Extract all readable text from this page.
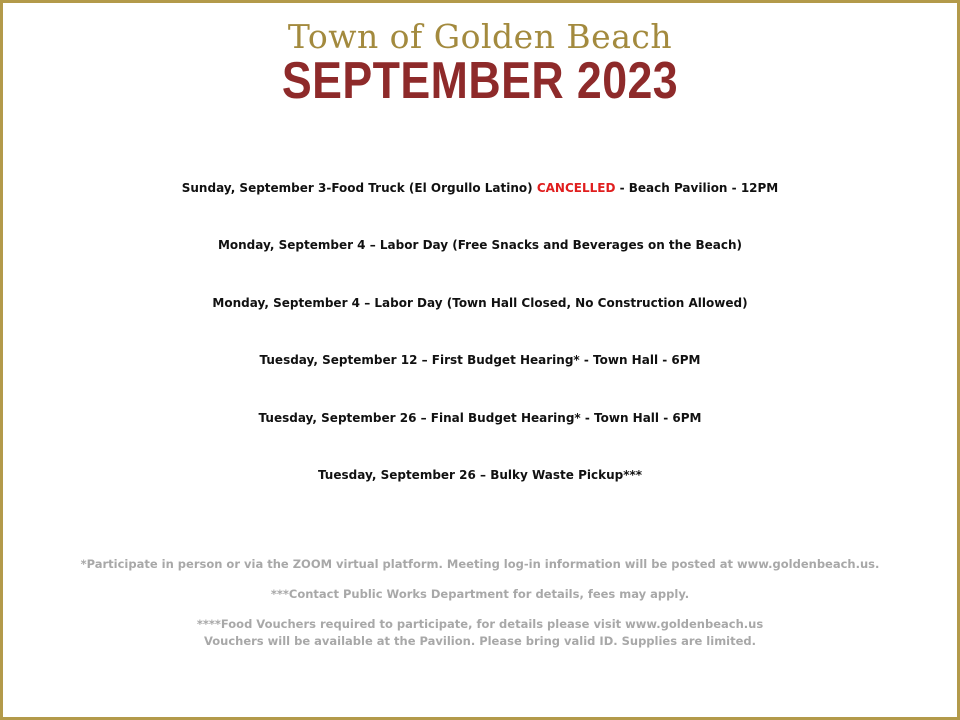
Town of Golden Beach
SEPTEMBER 2023
Sunday, September 3-Food Truck (El Orgullo Latino) CANCELLED - Beach Pavilion - 12PM
Monday, September 4 – Labor Day (Free Snacks and Beverages on the Beach)
Monday, September 4 – Labor Day (Town Hall Closed, No Construction Allowed)
Tuesday, September 12 – First Budget Hearing* - Town Hall - 6PM
Tuesday, September 26 – Final Budget Hearing* - Town Hall - 6PM
Tuesday, September 26 – Bulky Waste Pickup***

*Participate in person or via the ZOOM virtual platform. Meeting log-in information will be posted at www.goldenbeach.us.

***Contact Public Works Department for details, fees may apply.

****Food Vouchers required to participate, for details please visit www.goldenbeach.us
Vouchers will be available at the Pavilion. Please bring valid ID. Supplies are limited.
